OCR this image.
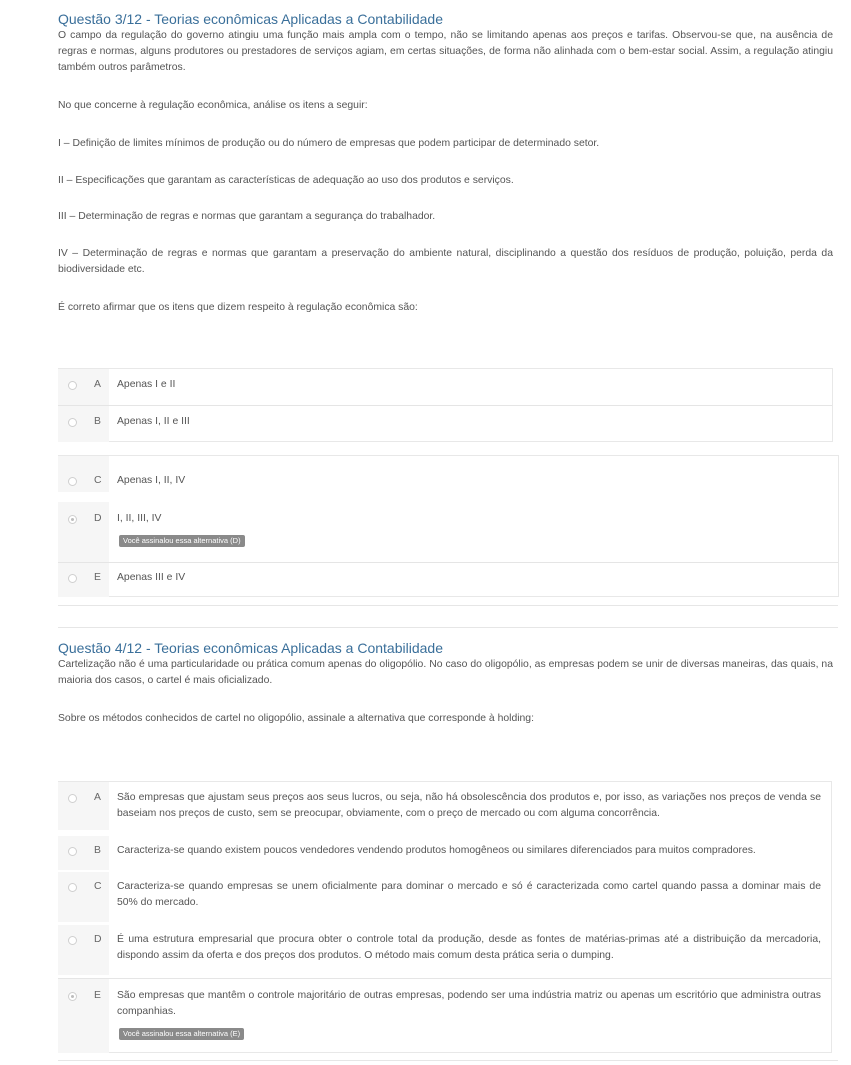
Questão 3/12 - Teorias econômicas Aplicadas a Contabilidade

O campo da regulação do governo atingiu uma função mais ampla com o tempo, não se limitando apenas aos preços e tarifas. Observou-se que, na ausência de regras e normas, alguns produtores ou prestadores de serviços agiam, em certas situações, de forma não alinhada com o bem-estar social. Assim, a regulação atingiu também outros parâmetros.

No que concerne à regulação econômica, análise os itens a seguir:

I – Definição de limites mínimos de produção ou do número de empresas que podem participar de determinado setor.

II – Especificações que garantam as características de adequação ao uso dos produtos e serviços.

III – Determinação de regras e normas que garantam a segurança do trabalhador.

IV – Determinação de regras e normas que garantam a preservação do ambiente natural, disciplinando a questão dos resíduos de produção, poluição, perda da biodiversidade etc.

É correto afirmar que os itens que dizem respeito à regulação econômica são:

A Apenas I e II
B Apenas I, II e III
C Apenas I, II, IV
D I, II, III, IV
Você assinalou essa alternativa (D)
E Apenas III e IV
Questão 4/12 - Teorias econômicas Aplicadas a Contabilidade

Cartelização não é uma particularidade ou prática comum apenas do oligopólio. No caso do oligopólio, as empresas podem se unir de diversas maneiras, das quais, na maioria dos casos, o cartel é mais oficializado.

Sobre os métodos conhecidos de cartel no oligopólio, assinale a alternativa que corresponde à holding:

A São empresas que ajustam seus preços aos seus lucros, ou seja, não há obsolescência dos produtos e, por isso, as variações nos preços de venda se baseiam nos preços de custo, sem se preocupar, obviamente, com o preço de mercado ou com alguma concorrência.
B Caracteriza-se quando existem poucos vendedores vendendo produtos homogêneos ou similares diferenciados para muitos compradores.
C Caracteriza-se quando empresas se unem oficialmente para dominar o mercado e só é caracterizada como cartel quando passa a dominar mais de 50% do mercado.
D É uma estrutura empresarial que procura obter o controle total da produção, desde as fontes de matérias-primas até a distribuição da mercadoria, dispondo assim da oferta e dos preços dos produtos. O método mais comum desta prática seria o dumping.
E São empresas que mantêm o controle majoritário de outras empresas, podendo ser uma indústria matriz ou apenas um escritório que administra outras companhias.
Você assinalou essa alternativa (E)
